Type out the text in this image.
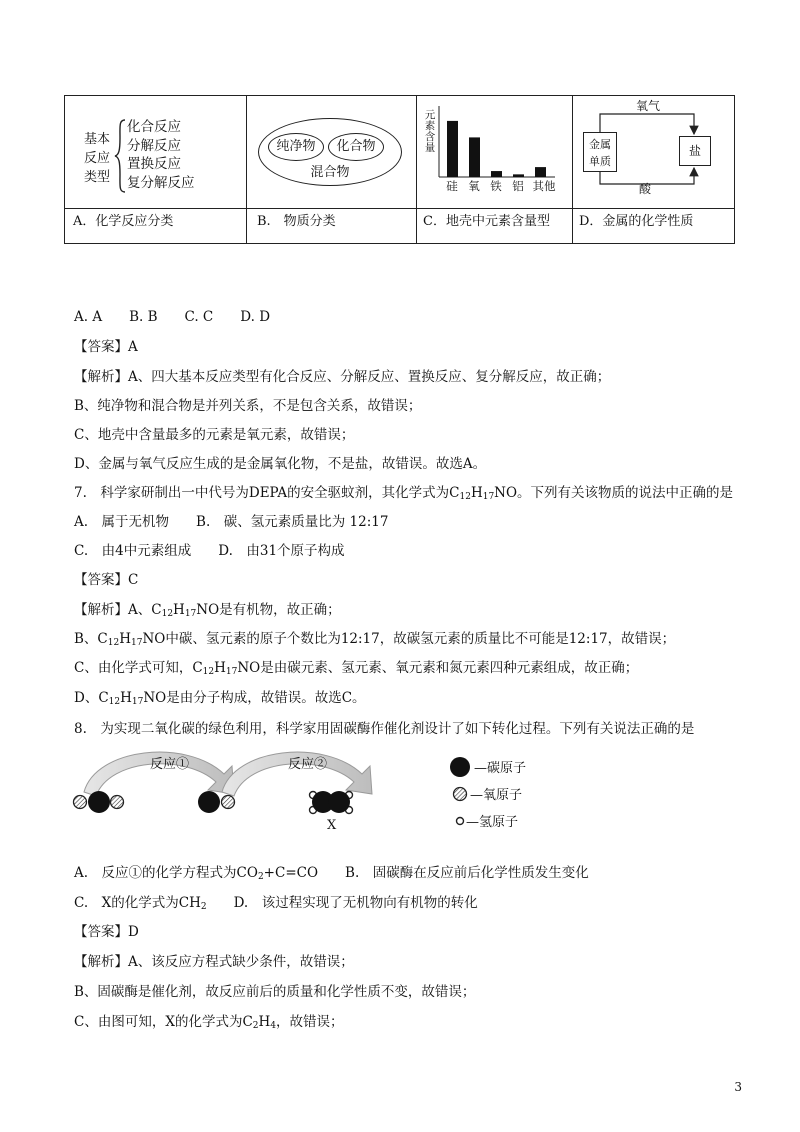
基本
反应
类型
化合反应
分解反应
置换反应
复分解反应
A．化学反应分类
纯净物	化合物
混合物
B.　物质分类
元素含量
硅 氧 铁 铝 其他
C．地壳中元素含量型
氧气
金属
单质
盐
酸
D．金属的化学性质
A. A　　B. B　　C. C　　D. D
【答案】A
【解析】A、四大基本反应类型有化合反应、分解反应、置换反应、复分解反应，故正确；
B、纯净物和混合物是并列关系，不是包含关系，故错误；
C、地壳中含量最多的元素是氧元素，故错误；
D、金属与氧气反应生成的是金属氧化物，不是盐，故错误。故选A。
7.　科学家研制出一中代号为DEPA的安全驱蚊剂，其化学式为$C_{12}H_{17}NO$。下列有关该物质的说法中正确的是
A.　属于无机物　　B.　碳、氢元素质量比为 12:17
C.　由4中元素组成　　D.　由31个原子构成
【答案】C
【解析】A、$C_{12}H_{17}NO$是有机物，故正确；
B、$C_{12}H_{17}NO$中碳、氢元素的原子个数比为12:17，故碳氢元素的质量比不可能是12:17，故错误；
C、由化学式可知，$C_{12}H_{17}NO$是由碳元素、氢元素、氧元素和氮元素四种元素组成，故正确；
D、$C_{12}H_{17}NO$是由分子构成，故错误。故选C。
8.　为实现二氧化碳的绿色利用，科学家用固碳酶作催化剂设计了如下转化过程。下列有关说法正确的是
反应①	反应②
X
—碳原子
—氧原子
—氢原子
A.　反应①的化学方程式为$CO_2+C=CO$　　B.　固碳酶在反应前后化学性质发生变化
C.　X的化学式为$CH_2$　　D.　该过程实现了无机物向有机物的转化
【答案】D
【解析】A、该反应方程式缺少条件，故错误；
B、固碳酶是催化剂，故反应前后的质量和化学性质不变，故错误；
C、由图可知，X的化学式为$C_2H_4$，故错误；
3
